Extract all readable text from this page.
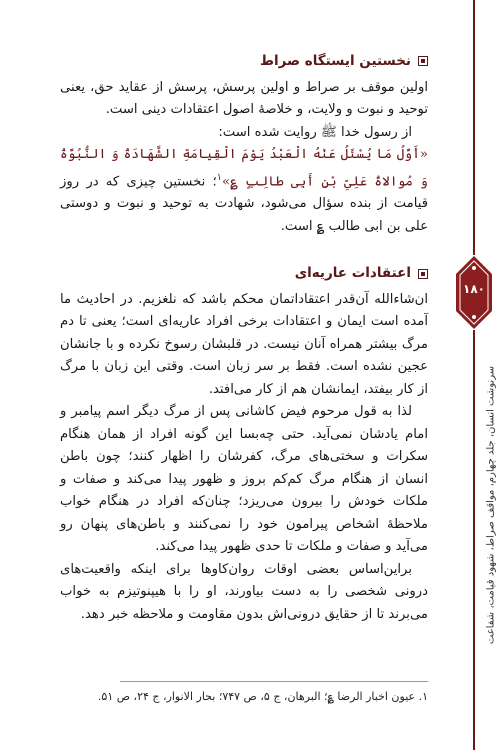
نخستین ایستگاه صراط

اولین موقف بر صراط و اولین پرسش، پرسش از عقاید حق، یعنی توحید و نبوت و ولایت، و خلاصهٔ اصول اعتقادات دینی است.

از رسول خدا ﷺ روایت شده است:

«أَوَّلُ مَا یُسْئَلُ عَنْهُ الْعَبْدُ یَوْمَ الْقِیامَةِ الشَّهَادَةُ وَ النُّبُوَّةُ وَ مُوالاةُ عَلِیِّ بْنِ أَبِی طالِبٍ ؏»$^۱$؛ نخستین چیزی که در روز قیامت از بنده سؤال می‌شود، شهادت به توحید و نبوت و دوستی علی بن ابی طالب ؏ است.

اعتقادات عاریه‌ای

ان‌شاءالله آن‌قدر اعتقاداتمان محکم باشد که نلغزیم. در احادیث ما آمده است ایمان و اعتقادات برخی افراد عاریه‌ای است؛ یعنی تا دم مرگ بیشتر همراه آنان نیست. در قلبشان رسوخ نکرده و با جانشان عجین نشده است. فقط بر سر زبان است. وقتی این زبان با مرگ از کار بیفتد، ایمانشان هم از کار می‌افتد.

لذا به قول مرحوم فیض کاشانی پس از مرگ دیگر اسم پیامبر و امام یادشان نمی‌آید. حتی چه‌بسا این گونه افراد از همان هنگام سکرات و سختی‌های مرگ، کفرشان را اظهار کنند؛ چون باطن انسان از هنگام مرگ کم‌کم بروز و ظهور پیدا می‌کند و صفات و ملکات خودش را بیرون می‌ریزد؛ چنان‌که افراد در هنگام خواب ملاحظهٔ اشخاص پیرامون خود را نمی‌کنند و باطن‌های پنهان رو می‌آید و صفات و ملکات تا حدی ظهور پیدا می‌کند.

براین‌اساس بعضی اوقات روان‌کاوها برای اینکه واقعیت‌های درونی شخصی را به دست بیاورند، او را با هیپنوتیزم به خواب می‌برند تا از حقایق درونی‌اش بدون مقاومت و ملاحظه خبر دهد.

۱. عیون اخبار الرضا ؏؛ البرهان، ج ۵، ص ۷۴۷؛ بحار الانوار، ج ۲۴، ص ۵۱.
۱۸۰
سرنوشت انسان، جلد چهارم، مواقف صراط، شهود قیامت، شفاعت
